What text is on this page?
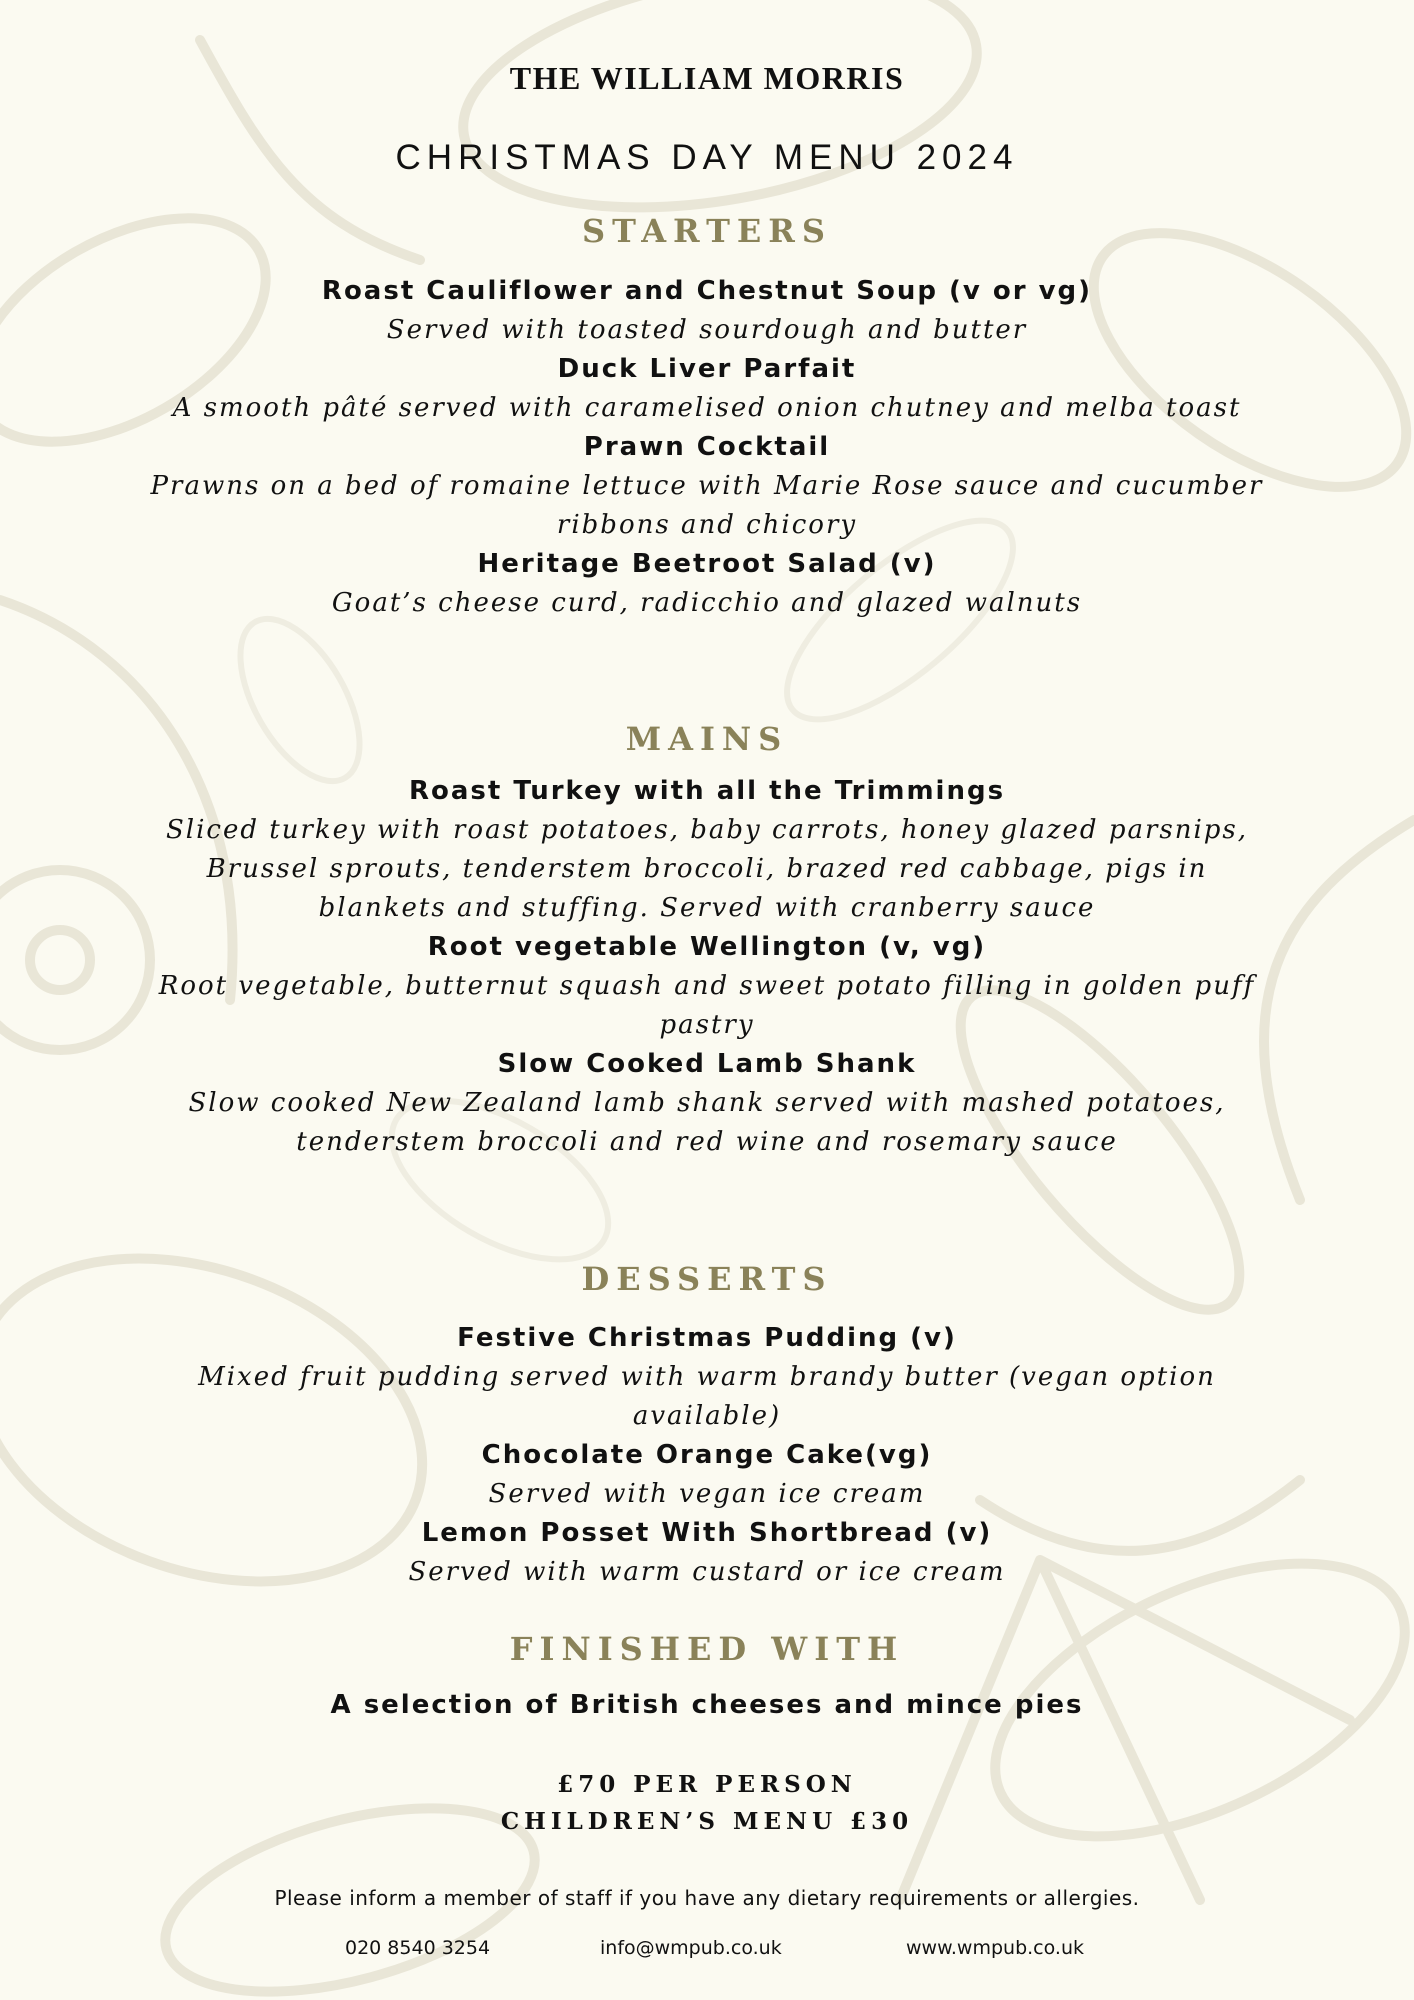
THE WILLIAM MORRIS
CHRISTMAS DAY MENU 2024
STARTERS
Roast Cauliflower and Chestnut Soup (v or vg)
Served with toasted sourdough and butter
Duck Liver Parfait
A smooth pâté served with caramelised onion chutney and melba toast
Prawn Cocktail
Prawns on a bed of romaine lettuce with Marie Rose sauce and cucumber ribbons and chicory
Heritage Beetroot Salad (v)
Goat’s cheese curd, radicchio and glazed walnuts
MAINS
Roast Turkey with all the Trimmings
Sliced turkey with roast potatoes, baby carrots, honey glazed parsnips, Brussel sprouts, tenderstem broccoli, brazed red cabbage, pigs in blankets and stuffing. Served with cranberry sauce
Root vegetable Wellington (v, vg)
Root vegetable, butternut squash and sweet potato filling in golden puff pastry
Slow Cooked Lamb Shank
Slow cooked New Zealand lamb shank served with mashed potatoes, tenderstem broccoli and red wine and rosemary sauce
DESSERTS
Festive Christmas Pudding (v)
Mixed fruit pudding served with warm brandy butter (vegan option available)
Chocolate Orange Cake(vg)
Served with vegan ice cream
Lemon Posset With Shortbread (v)
Served with warm custard or ice cream
FINISHED WITH
A selection of British cheeses and mince pies
£70 PER PERSON
CHILDREN’S MENU £30
Please inform a member of staff if you have any dietary requirements or allergies.
020 8540 3254	info@wmpub.co.uk	www.wmpub.co.uk
